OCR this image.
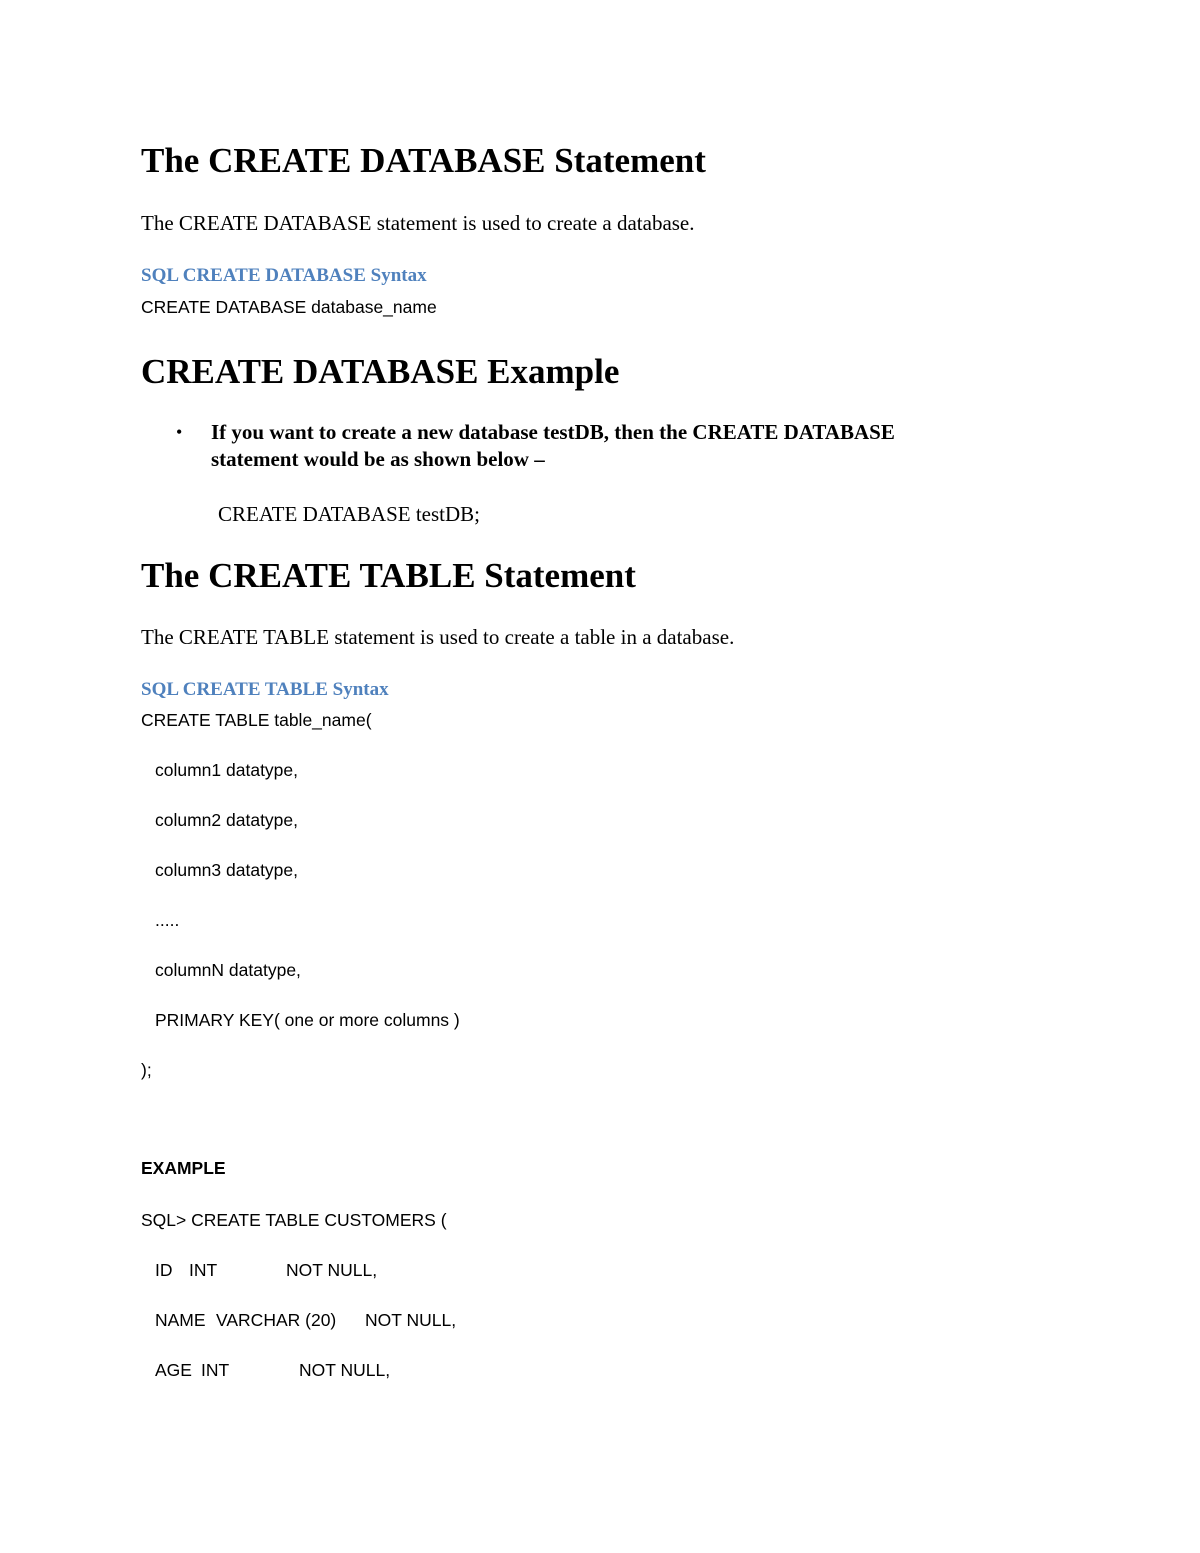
The CREATE DATABASE Statement
The CREATE DATABASE statement is used to create a database.
SQL CREATE DATABASE Syntax
CREATE DATABASE database_name
CREATE DATABASE Example
• If you want to create a new database testDB, then the CREATE DATABASE
statement would be as shown below –
CREATE DATABASE testDB;
The CREATE TABLE Statement
The CREATE TABLE statement is used to create a table in a database.
SQL CREATE TABLE Syntax
CREATE TABLE table_name(
column1 datatype,
column2 datatype,
column3 datatype,
.....
columnN datatype,
PRIMARY KEY( one or more columns )
);
EXAMPLE
SQL> CREATE TABLE CUSTOMERS (
ID INT	NOT NULL,
NAME VARCHAR (20) NOT NULL,
AGE INT	NOT NULL,
